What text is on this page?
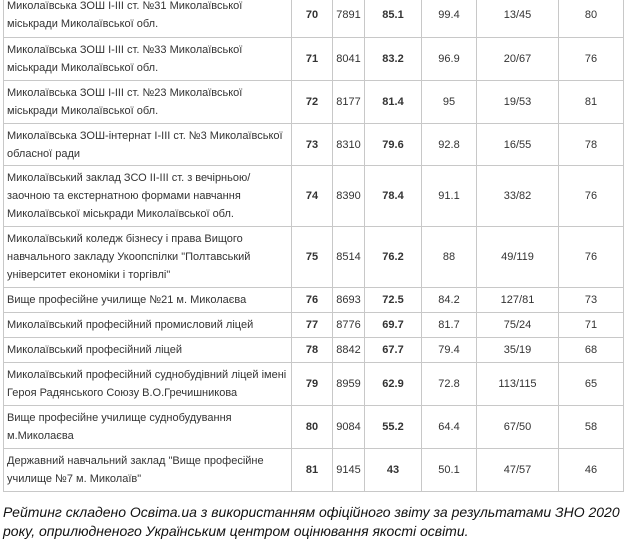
Миколаївська ЗОШ І-ІІІ ст. №31 Миколаївської міськради Миколаївської обл.	70	7891	85.1	99.4	13/45	80
Миколаївська ЗОШ І-ІІІ ст. №33 Миколаївської міськради Миколаївської обл.	71	8041	83.2	96.9	20/67	76
Миколаївська ЗОШ І-ІІІ ст. №23 Миколаївської міськради Миколаївської обл.	72	8177	81.4	95	19/53	81
Миколаївська ЗОШ-інтернат І-ІІІ ст. №3 Миколаївської обласної ради	73	8310	79.6	92.8	16/55	78
Миколаївський заклад ЗСО ІІ-ІІІ ст. з вечірньою/заочною та екстернатною формами навчання Миколаївської міськради Миколаївської обл.	74	8390	78.4	91.1	33/82	76
Миколаївський коледж бізнесу і права Вищого навчального закладу Укоопспілки "Полтавський університет економіки і торгівлі"	75	8514	76.2	88	49/119	76
Вище професійне училище №21 м. Миколаєва	76	8693	72.5	84.2	127/81	73
Миколаївський професійний промисловий ліцей	77	8776	69.7	81.7	75/24	71
Миколаївський професійний ліцей	78	8842	67.7	79.4	35/19	68
Миколаївський професійний суднобудівний ліцей імені Героя Радянського Союзу В.О.Гречишникова	79	8959	62.9	72.8	113/115	65
Вище професійне училище суднобудування м.Миколаєва	80	9084	55.2	64.4	67/50	58
Державний навчальний заклад "Вище професійне училище №7 м. Миколаїв"	81	9145	43	50.1	47/57	46
Рейтинг складено Освіта.ua з використанням офіційного звіту за результатами ЗНО 2020 року, оприлюдненого Українським центром оцінювання якості освіти.
